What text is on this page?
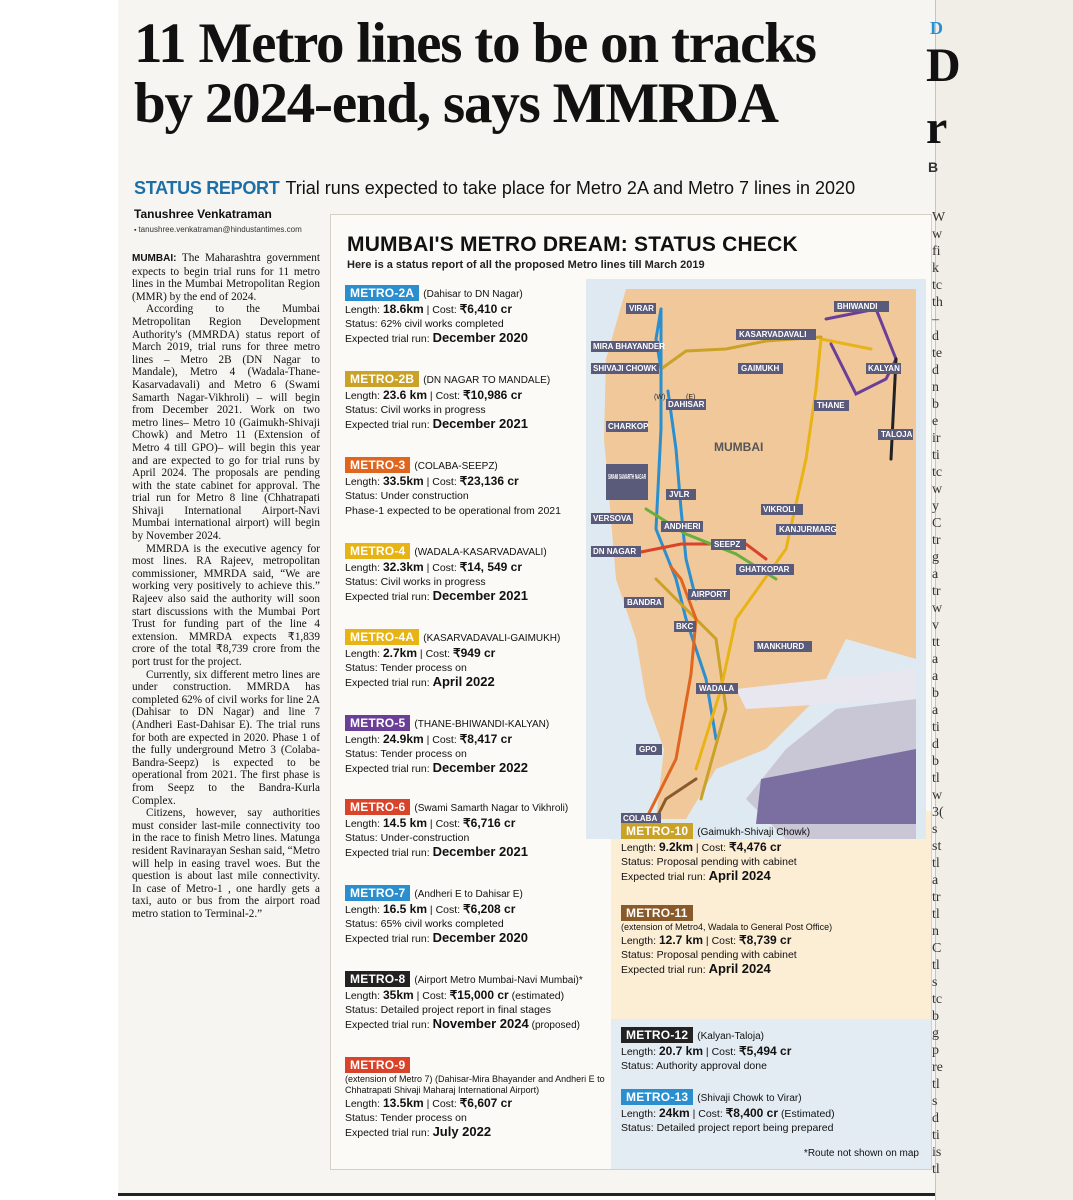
11 Metro lines to be on tracks
by 2024-end, says MMRDA
STATUS REPORT Trial runs expected to take place for Metro 2A and Metro 7 lines in 2020
Tanushree Venkatraman
▪ tanushree.venkatraman@hindustantimes.com

MUMBAI: The Maharashtra government expects to begin trial runs for 11 metro lines in the Mumbai Metropolitan Region (MMR) by the end of 2024.

According to the Mumbai Metropolitan Region Development Authority's (MMRDA) status report of March 2019, trial runs for three metro lines – Metro 2B (DN Nagar to Mandale), Metro 4 (Wadala-Thane-Kasarvadavali) and Metro 6 (Swami Samarth Nagar-Vikhroli) – will begin from December 2021. Work on two metro lines– Metro 10 (Gaimukh-Shivaji Chowk) and Metro 11 (Extension of Metro 4 till GPO)– will begin this year and are expected to go for trial runs by April 2024. The proposals are pending with the state cabinet for approval. The trial run for Metro 8 line (Chhatrapati Shivaji International Airport-Navi Mumbai international airport) will begin by November 2024.

MMRDA is the executive agency for most lines. RA Rajeev, metropolitan commissioner, MMRDA said, “We are working very positively to achieve this.” Rajeev also said the authority will soon start discussions with the Mumbai Port Trust for funding part of the line 4 extension. MMRDA expects ₹1,839 crore of the total ₹8,739 crore from the port trust for the project.

Currently, six different metro lines are under construction. MMRDA has completed 62% of civil works for line 2A (Dahisar to DN Nagar) and line 7 (Andheri East-Dahisar E). The trial runs for both are expected in 2020. Phase 1 of the fully underground Metro 3 (Colaba-Bandra-Seepz) is expected to be operational from 2021. The first phase is from Seepz to the Bandra-Kurla Complex.

Citizens, however, say authorities must consider last-mile connectivity too in the race to finish Metro lines. Matunga resident Ravinarayan Seshan said, “Metro will help in easing travel woes. But the question is about last mile connectivity. In case of Metro-1 , one hardly gets a taxi, auto or bus from the airport road metro station to Terminal-2.”

MUMBAI'S METRO DREAM: STATUS CHECK
Here is a status report of all the proposed Metro lines till March 2019
VIRAR	BHIWANDI
KASARVADAVALI
MIRA BHAYANDER
SHIVAJI CHOWK	GAIMUKH	KALYAN
DAHISAR	THANE
CHARKOP
TALOJA
SWAMI SAMARTH NAGAR
JVLR
VIKROLI
VERSOVA
ANDHERI
SEEPZ
KANJURMARG
DN NAGAR
GHATKOPAR
AIRPORT
BANDRA
BKC
MANKHURD
WADALA
GPO
COLABA
MUMBAI
(W)	(E)
METRO-2A (Dahisar to DN Nagar)
Length: 18.6km | Cost: ₹6,410 cr
Status: 62% civil works completed
Expected trial run: December 2020
METRO-2B (DN NAGAR TO MANDALE)
Length: 23.6 km | Cost: ₹10,986 cr
Status: Civil works in progress
Expected trial run: December 2021
METRO-3 (COLABA-SEEPZ)
Length: 33.5km | Cost: ₹23,136 cr
Status: Under construction
Phase-1 expected to be operational from 2021
METRO-4 (WADALA-KASARVADAVALI)
Length: 32.3km | Cost: ₹14, 549 cr
Status: Civil works in progress
Expected trial run: December 2021
METRO-4A (KASARVADAVALI-GAIMUKH)
Length: 2.7km | Cost: ₹949 cr
Status: Tender process on
Expected trial run: April 2022
METRO-5 (THANE-BHIWANDI-KALYAN)
Length: 24.9km | Cost: ₹8,417 cr
Status: Tender process on
Expected trial run: December 2022
METRO-6 (Swami Samarth Nagar to Vikhroli)
Length: 14.5 km | Cost: ₹6,716 cr
Status: Under-construction
Expected trial run: December 2021
METRO-7 (Andheri E to Dahisar E)
Length: 16.5 km | Cost: ₹6,208 cr
Status: 65% civil works completed
Expected trial run: December 2020
METRO-8 (Airport Metro Mumbai-Navi Mumbai)*
Length: 35km | Cost: ₹15,000 cr (estimated)
Status: Detailed project report in final stages
Expected trial run: November 2024 (proposed)
METRO-9
(extension of Metro 7) (Dahisar-Mira Bhayander and Andheri E to Chhatrapati Shivaji Maharaj International Airport)
Length: 13.5km | Cost: ₹6,607 cr
Status: Tender process on
Expected trial run: July 2022
METRO-10 (Gaimukh-Shivaji Chowk)
Length: 9.2km | Cost: ₹4,476 cr
Status: Proposal pending with cabinet
Expected trial run: April 2024
METRO-11
(extension of Metro4, Wadala to General Post Office)
Length: 12.7 km | Cost: ₹8,739 cr
Status: Proposal pending with cabinet
Expected trial run: April 2024
METRO-12 (Kalyan-Taloja)
Length: 20.7 km | Cost: ₹5,494 cr
Status: Authority approval done
METRO-13 (Shivaji Chowk to Virar)
Length: 24km | Cost: ₹8,400 cr (Estimated)
Status: Detailed project report being prepared
*Route not shown on map
D
D
r
B
W
w
fi
k
tc
th
–
d
te
d
n
b
e
ir
ti
tc
w
y
C
tr
g
a
tr
w
v
tt
a
a
b
a
ti
d
b
tl
w
3(
s
st
tl
a
tr
tl
n
C
tl
s
tc
b
g
p
re
tl
s
d
ti
is
tl
